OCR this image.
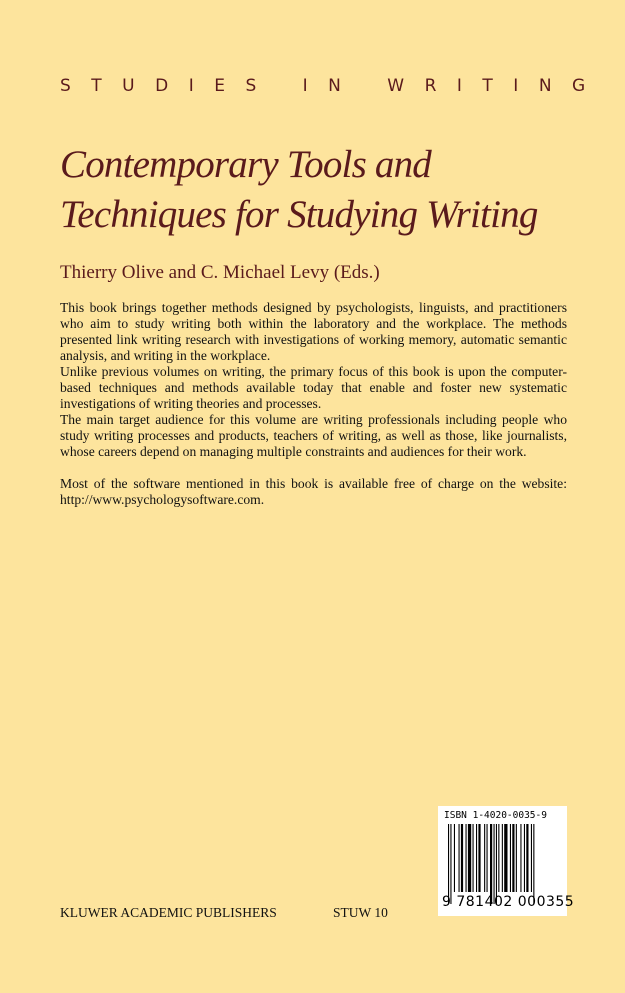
STUDIES IN WRITING
Contemporary Tools and
Techniques for Studying Writing
Thierry Olive and C. Michael Levy (Eds.)

This book brings together methods designed by psychologists, linguists, and practitioners who aim to study writing both within the laboratory and the workplace. The methods presented link writing research with investigations of working memory, automatic semantic analysis, and writing in the workplace.

Unlike previous volumes on writing, the primary focus of this book is upon the computer-based techniques and methods available today that enable and foster new systematic investigations of writing theories and processes.

The main target audience for this volume are writing professionals including people who study writing processes and products, teachers of writing, as well as those, like journalists, whose careers depend on managing multiple constraints and audiences for their work.

Most of the software mentioned in this book is available free of charge on the website: http://www.psychologysoftware.com.

ISBN 1-4020-0035-9
9 781402 000355
KLUWER ACADEMIC PUBLISHERS	STUW 10
